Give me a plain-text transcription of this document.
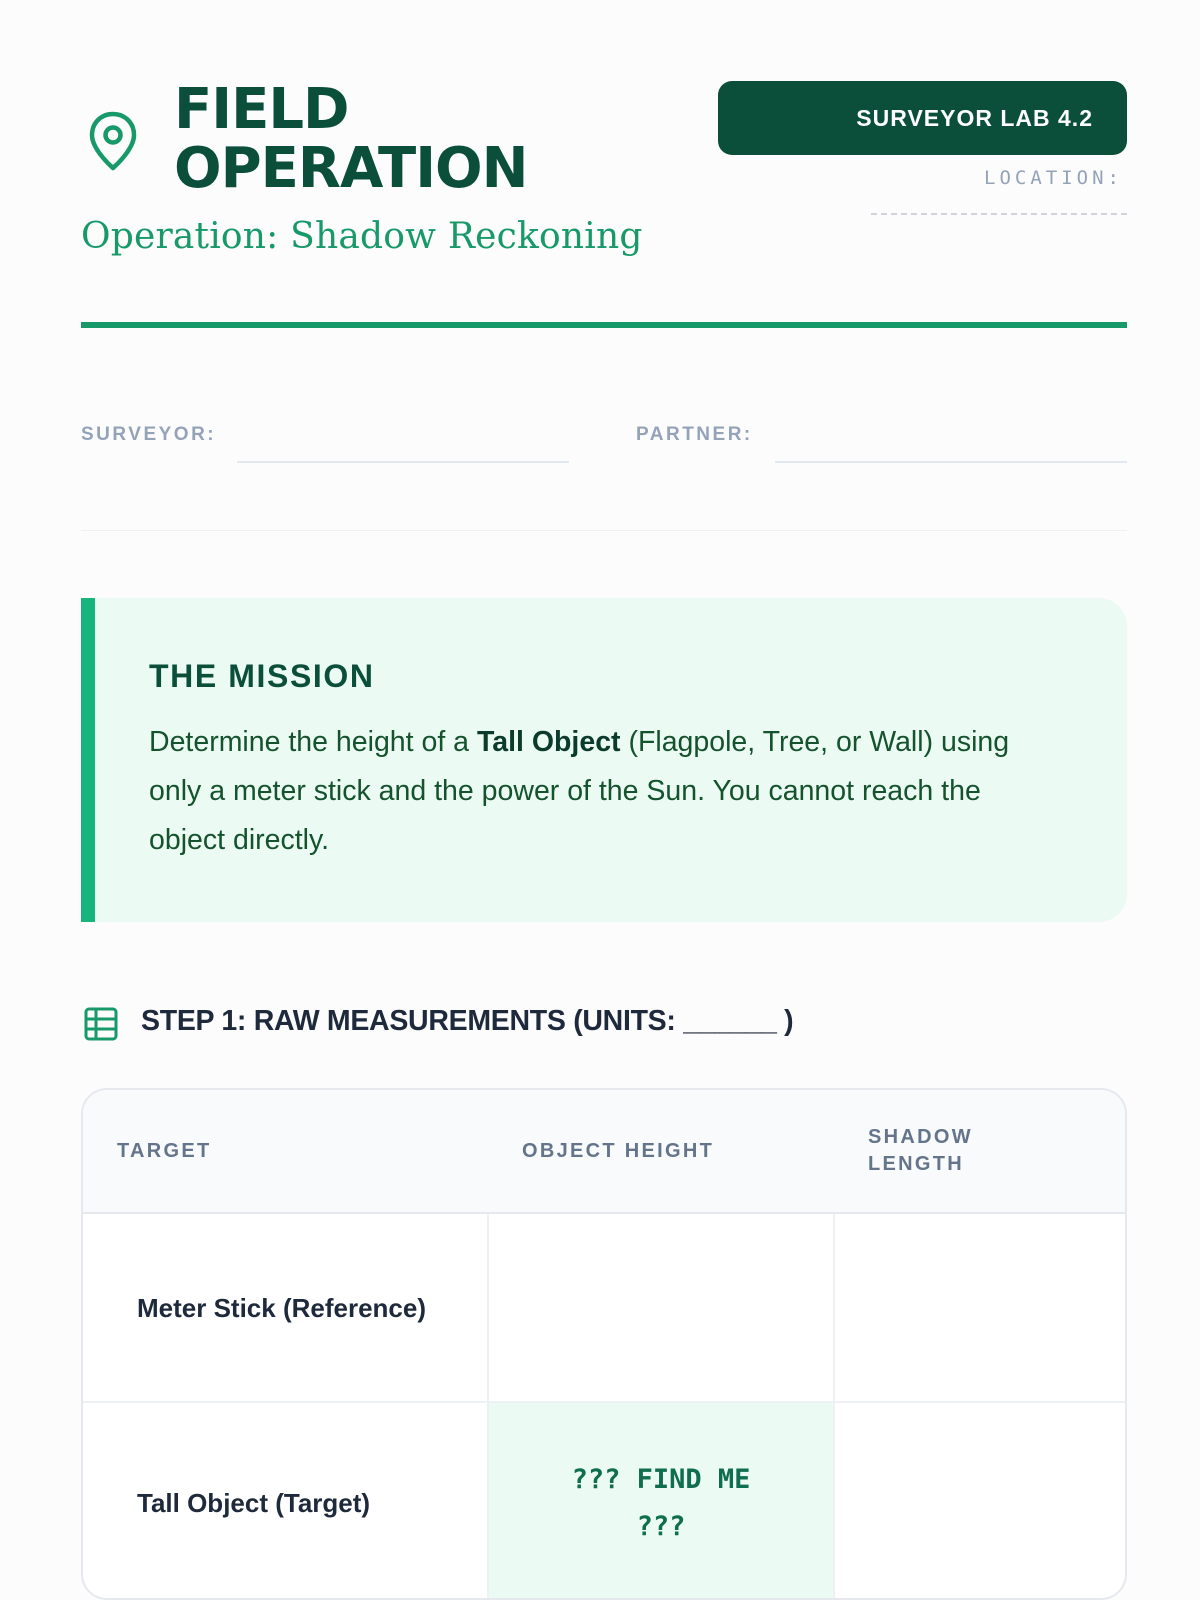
FIELD
OPERATION
Operation: Shadow Reckoning
SURVEYOR LAB 4.2
LOCATION:
SURVEYOR:	PARTNER:
THE MISSION

Determine the height of a Tall Object (Flagpole, Tree, or Wall) using only a meter stick and the power of the Sun. You cannot reach the object directly.

STEP 1: RAW MEASUREMENTS (UNITS: ______ )
TARGET	OBJECT HEIGHT	SHADOW LENGTH

Meter Stick (Reference)		
Tall Object (Target)	??? FIND ME ???	
